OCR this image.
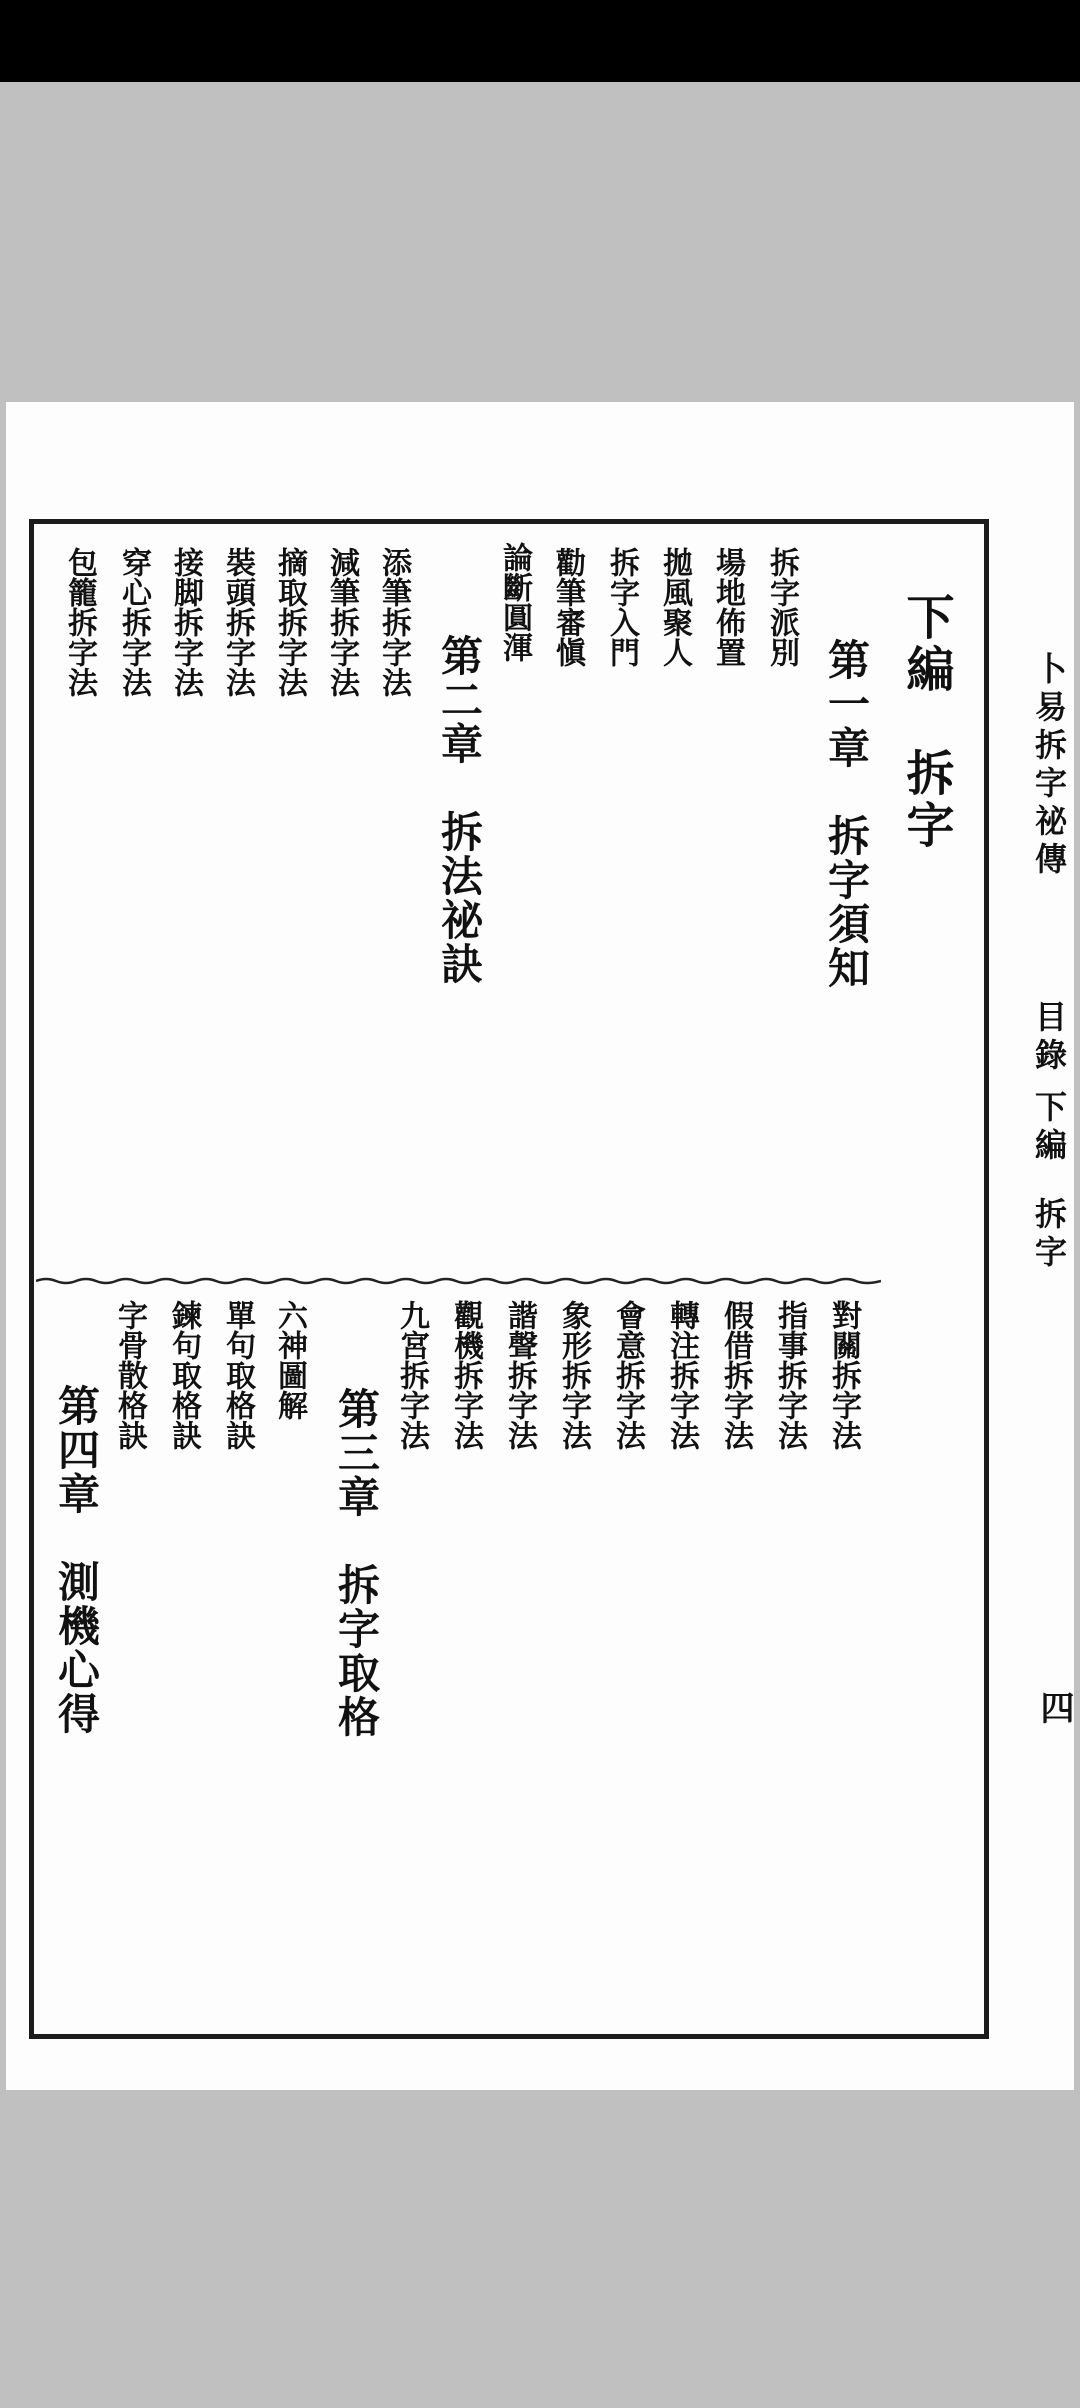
卜易拆字祕傳
目錄
下編
拆字
四
下編　拆字
第一章　拆字須知
拆字派別
場地佈置
拋風聚人
拆字入門
勸筆審愼
論斷圓渾
第二章　拆法祕訣
添筆拆字法
減筆拆字法
摘取拆字法
裝頭拆字法
接脚拆字法
穿心拆字法
包籠拆字法
對關拆字法
指事拆字法
假借拆字法
轉注拆字法
會意拆字法
象形拆字法
諧聲拆字法
觀機拆字法
九宮拆字法
第三章　拆字取格
六神圖解
單句取格訣
鍊句取格訣
字骨散格訣
第四章　測機心得
